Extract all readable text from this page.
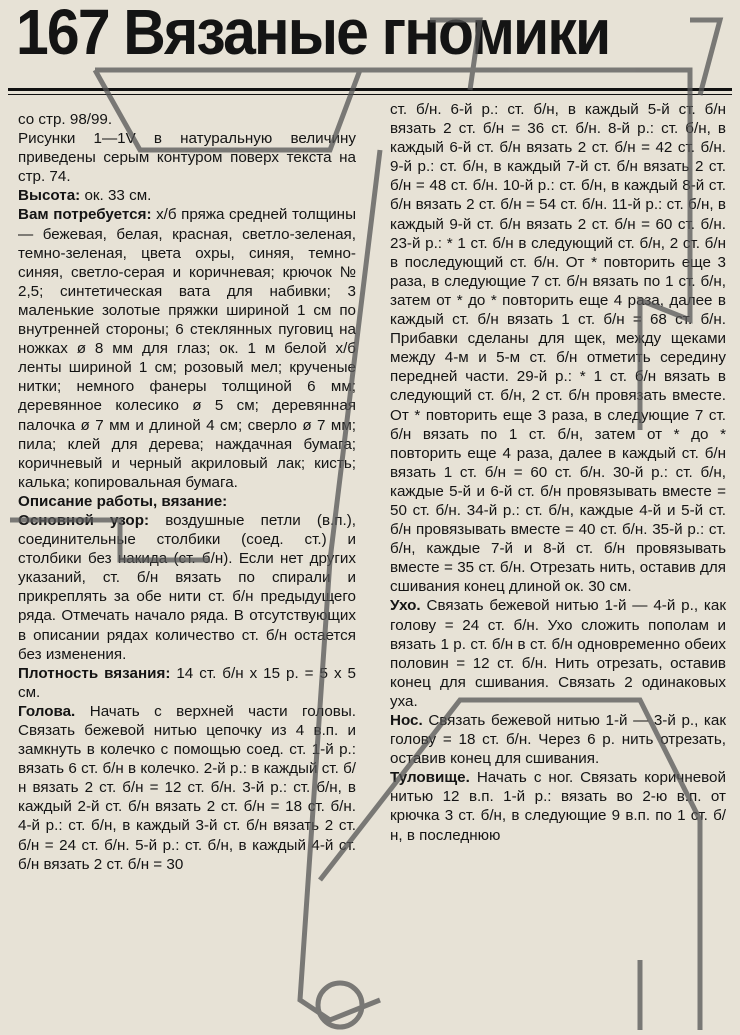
167 Вязаные гномики

со стр. 98/99.

Рисунки 1—1V в натуральную величину приведены серым контуром поверх текста на стр. 74.

Высота: ок. 33 см.

Вам потребуется: х/б пряжа средней толщины — бежевая, белая, красная, светло-зеленая, темно-зеленая, цвета охры, синяя, темно-синяя, светло-серая и коричневая; крючок № 2,5; синтетическая вата для набивки; 3 маленькие золотые пряжки шириной 1 см по внутренней стороны; 6 стеклянных пуговиц на ножках ø 8 мм для глаз; ок. 1 м белой х/б ленты шириной 1 см; розовый мел; крученые нитки; немного фанеры толщиной 6 мм; деревянное колесико ø 5 см; деревянная палочка ø 7 мм и длиной 4 см; сверло ø 7 мм; пила; клей для дерева; наждачная бумага; коричневый и черный акриловый лак; кисть; калька; копировальная бумага.

Описание работы, вязание:

Основной узор: воздушные петли (в.п.), соединительные столбики (соед. ст.) и столбики без накида (ст. б/н). Если нет других указаний, ст. б/н вязать по спирали и прикреплять за обе нити ст. б/н предыдущего ряда. Отмечать начало ряда. В отсутствующих в описании рядах количество ст. б/н остается без изменения.

Плотность вязания: 14 ст. б/н x 15 р. = 5 x 5 см.

Голова. Начать с верхней части головы. Связать бежевой нитью цепочку из 4 в.п. и замкнуть в колечко с помощью соед. ст. 1-й р.: вязать 6 ст. б/н в колечко. 2-й р.: в каждый ст. б/н вязать 2 ст. б/н = 12 ст. б/н. 3-й р.: ст. б/н, в каждый 2-й ст. б/н вязать 2 ст. б/н = 18 ст. б/н. 4-й р.: ст. б/н, в каждый 3-й ст. б/н вязать 2 ст. б/н = 24 ст. б/н. 5-й р.: ст. б/н, в каждый 4-й ст. б/н вязать 2 ст. б/н = 30

ст. б/н. 6-й р.: ст. б/н, в каждый 5-й ст. б/н вязать 2 ст. б/н = 36 ст. б/н. 8-й р.: ст. б/н, в каждый 6-й ст. б/н вязать 2 ст. б/н = 42 ст. б/н. 9-й р.: ст. б/н, в каждый 7-й ст. б/н вязать 2 ст. б/н = 48 ст. б/н. 10-й р.: ст. б/н, в каждый 8-й ст. б/н вязать 2 ст. б/н = 54 ст. б/н. 11-й р.: ст. б/н, в каждый 9-й ст. б/н вязать 2 ст. б/н = 60 ст. б/н. 23-й р.: * 1 ст. б/н в следующий ст. б/н, 2 ст. б/н в последующий ст. б/н. От * повторить еще 3 раза, в следующие 7 ст. б/н вязать по 1 ст. б/н, затем от * до * повторить еще 4 раза, далее в каждый ст. б/н вязать 1 ст. б/н = 68 ст. б/н. Прибавки сделаны для щек, между щеками между 4-м и 5-м ст. б/н отметить середину передней части. 29-й р.: * 1 ст. б/н вязать в следующий ст. б/н, 2 ст. б/н провязать вместе. От * повторить еще 3 раза, в следующие 7 ст. б/н вязать по 1 ст. б/н, затем от * до * повторить еще 4 раза, далее в каждый ст. б/н вязать 1 ст. б/н = 60 ст. б/н. 30-й р.: ст. б/н, каждые 5-й и 6-й ст. б/н провязывать вместе = 50 ст. б/н. 34-й р.: ст. б/н, каждые 4-й и 5-й ст. б/н провязывать вместе = 40 ст. б/н. 35-й р.: ст. б/н, каждые 7-й и 8-й ст. б/н провязывать вместе = 35 ст. б/н. Отрезать нить, оставив для сшивания конец длиной ок. 30 см.

Ухо. Связать бежевой нитью 1-й — 4-й р., как голову = 24 ст. б/н. Ухо сложить пополам и вязать 1 р. ст. б/н в ст. б/н одновременно обеих половин = 12 ст. б/н. Нить отрезать, оставив конец для сшивания. Связать 2 одинаковых уха.

Нос. Связать бежевой нитью 1-й — 3-й р., как голову = 18 ст. б/н. Через 6 р. нить отрезать, оставив конец для сшивания.

Туловище. Начать с ног. Связать коричневой нитью 12 в.п. 1-й р.: вязать во 2-ю в.п. от крючка 3 ст. б/н, в следующие 9 в.п. по 1 ст. б/н, в последнюю
